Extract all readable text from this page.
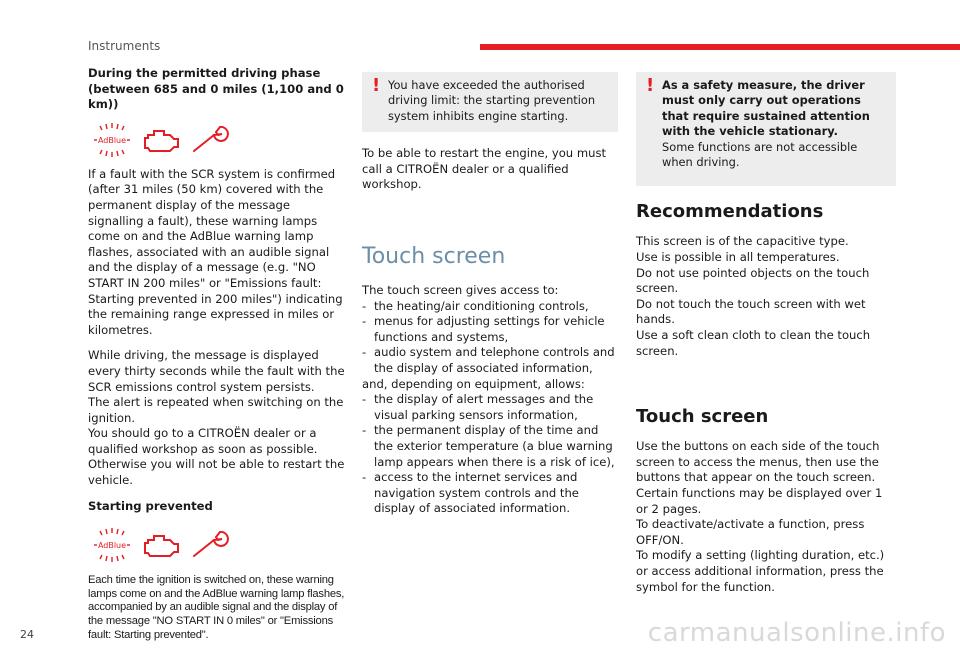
Instruments

During the permitted driving phase (between 685 and 0 miles (1,100 and 0 km))

AdBlue

If a fault with the SCR system is confirmed (after 31 miles (50 km) covered with the permanent display of the message signalling a fault), these warning lamps come on and the AdBlue warning lamp flashes, associated with an audible signal and the display of a message (e.g. "NO START IN 200 miles" or "Emissions fault: Starting prevented in 200 miles") indicating the remaining range expressed in miles or kilometres.

While driving, the message is displayed every thirty seconds while the fault with the SCR emissions control system persists.

The alert is repeated when switching on the ignition.

You should go to a CITROËN dealer or a qualified workshop as soon as possible.

Otherwise you will not be able to restart the vehicle.

Starting prevented

AdBlue

Each time the ignition is switched on, these warning lamps come on and the AdBlue warning lamp flashes, accompanied by an audible signal and the display of the message "NO START IN 0 miles" or "Emissions fault: Starting prevented".

! You have exceeded the authorised driving limit: the starting prevention system inhibits engine starting.

To be able to restart the engine, you must call a CITROËN dealer or a qualified workshop.

Touch screen

The touch screen gives access to:

- the heating/air conditioning controls,
- menus for adjusting settings for vehicle functions and systems,
- audio system and telephone controls and the display of associated information,

and, depending on equipment, allows:

- the display of alert messages and the visual parking sensors information,
- the permanent display of the time and the exterior temperature (a blue warning lamp appears when there is a risk of ice),
- access to the internet services and navigation system controls and the display of associated information.
! As a safety measure, the driver must only carry out operations that require sustained attention with the vehicle stationary.

Some functions are not accessible when driving.

Recommendations

This screen is of the capacitive type.

Use is possible in all temperatures.

Do not use pointed objects on the touch screen.

Do not touch the touch screen with wet hands.

Use a soft clean cloth to clean the touch screen.

Touch screen

Use the buttons on each side of the touch screen to access the menus, then use the buttons that appear on the touch screen.

Certain functions may be displayed over 1 or 2 pages.

To deactivate/activate a function, press OFF/ON.

To modify a setting (lighting duration, etc.) or access additional information, press the symbol for the function.

24	carmanualsonline.info
